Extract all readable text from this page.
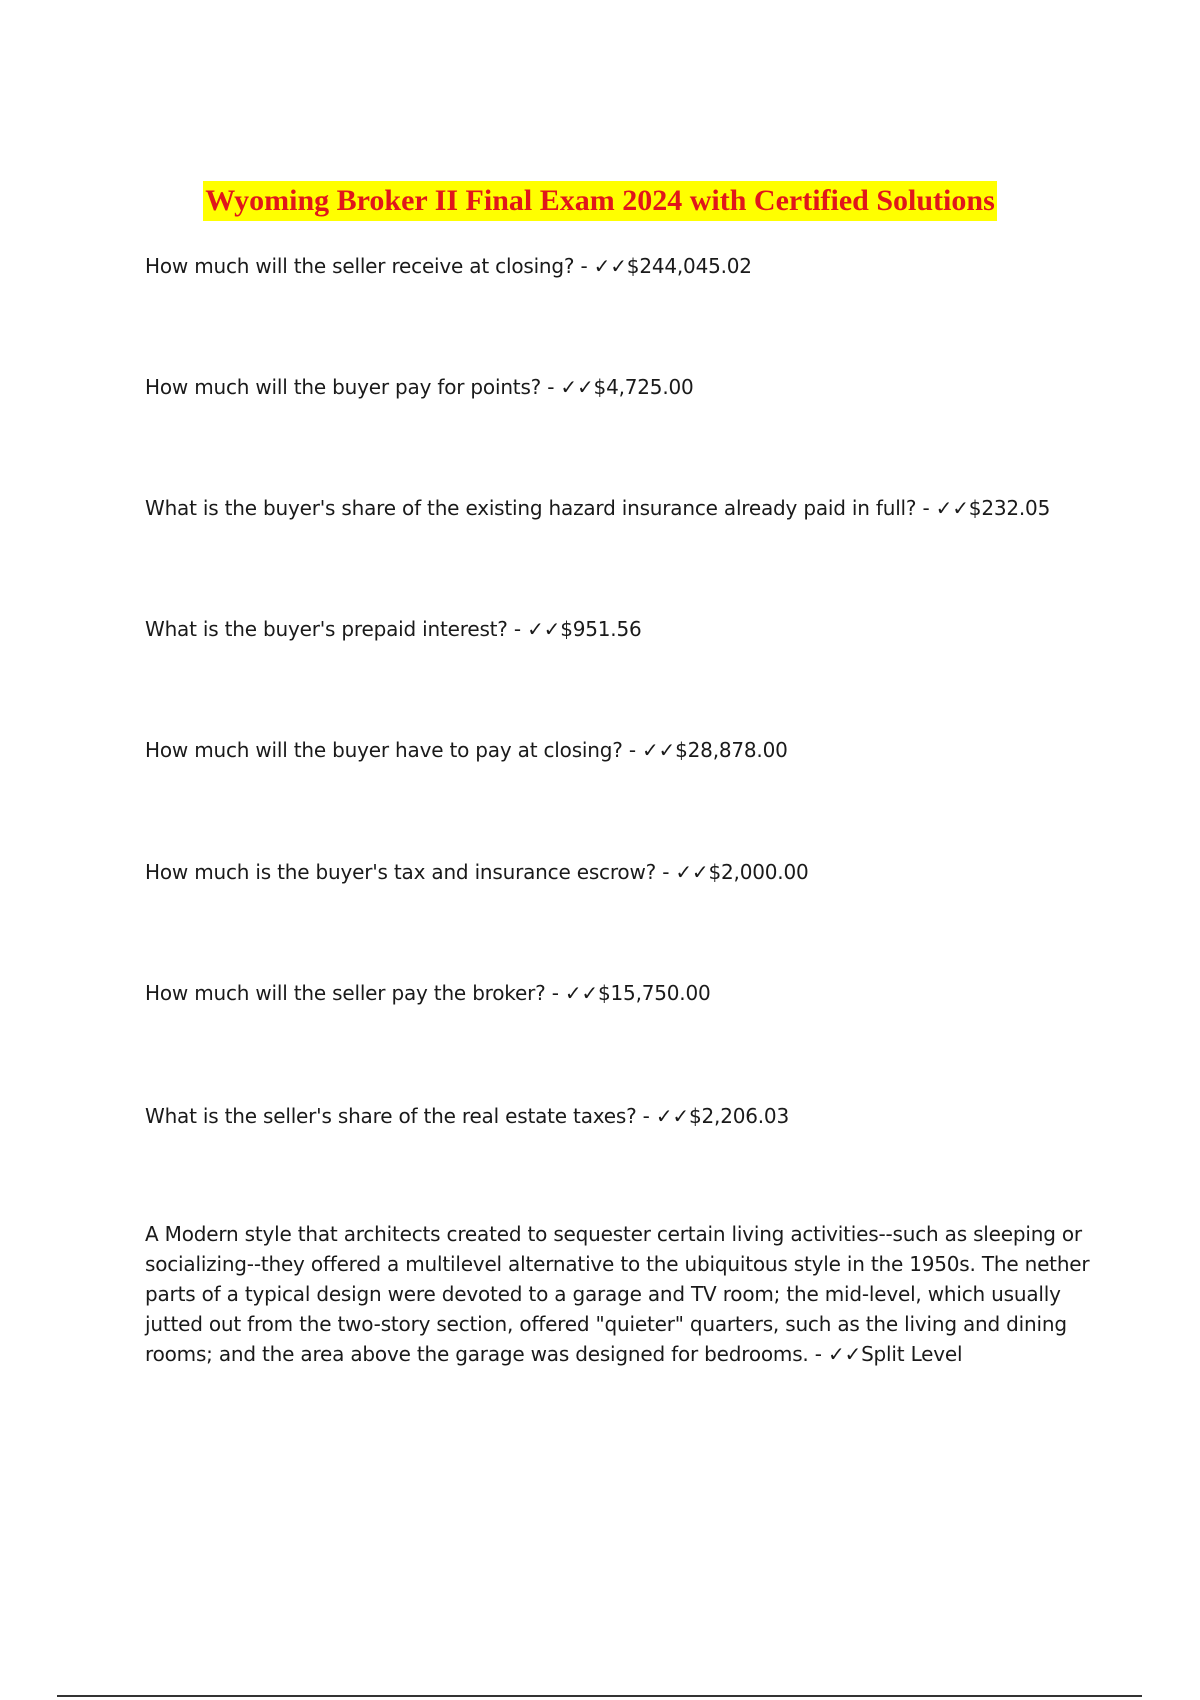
Wyoming Broker II Final Exam 2024 with Certified Solutions
How much will the seller receive at closing? - ✓✓$244,045.02
How much will the buyer pay for points? - ✓✓$4,725.00
What is the buyer's share of the existing hazard insurance already paid in full? - ✓✓$232.05
What is the buyer's prepaid interest? - ✓✓$951.56
How much will the buyer have to pay at closing? - ✓✓$28,878.00
How much is the buyer's tax and insurance escrow? - ✓✓$2,000.00
How much will the seller pay the broker? - ✓✓$15,750.00
What is the seller's share of the real estate taxes? - ✓✓$2,206.03
A Modern style that architects created to sequester certain living activities--such as sleeping or socializing--they offered a multilevel alternative to the ubiquitous style in the 1950s. The nether parts of a typical design were devoted to a garage and TV room; the mid-level, which usually jutted out from the two-story section, offered "quieter" quarters, such as the living and dining rooms; and the area above the garage was designed for bedrooms. - ✓✓Split Level
